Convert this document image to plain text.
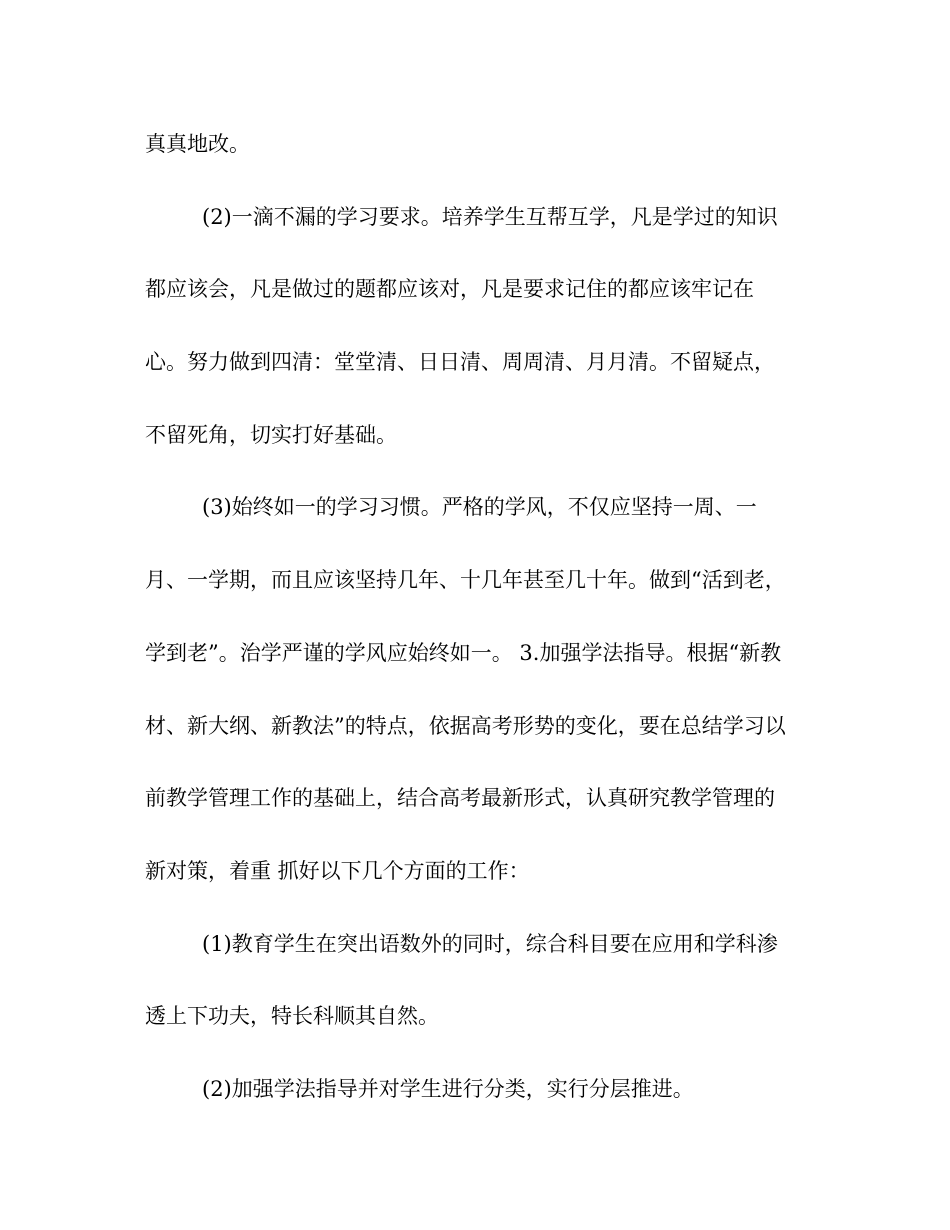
真真地改。

(2)一滴不漏的学习要求。培养学生互帮互学，凡是学过的知识

都应该会，凡是做过的题都应该对，凡是要求记住的都应该牢记在

心。努力做到四清：堂堂清、日日清、周周清、月月清。不留疑点，

不留死角，切实打好基础。

(3)始终如一的学习习惯。严格的学风，不仅应坚持一周、一

月、一学期，而且应该坚持几年、十几年甚至几十年。做到“活到老，

学到老”。治学严谨的学风应始终如一。 3.加强学法指导。根据“新教

材、新大纲、新教法”的特点，依据高考形势的变化，要在总结学习以

前教学管理工作的基础上，结合高考最新形式，认真研究教学管理的

新对策，着重 抓好以下几个方面的工作：

(1)教育学生在突出语数外的同时，综合科目要在应用和学科渗

透上下功夫，特长科顺其自然。

(2)加强学法指导并对学生进行分类，实行分层推进。
